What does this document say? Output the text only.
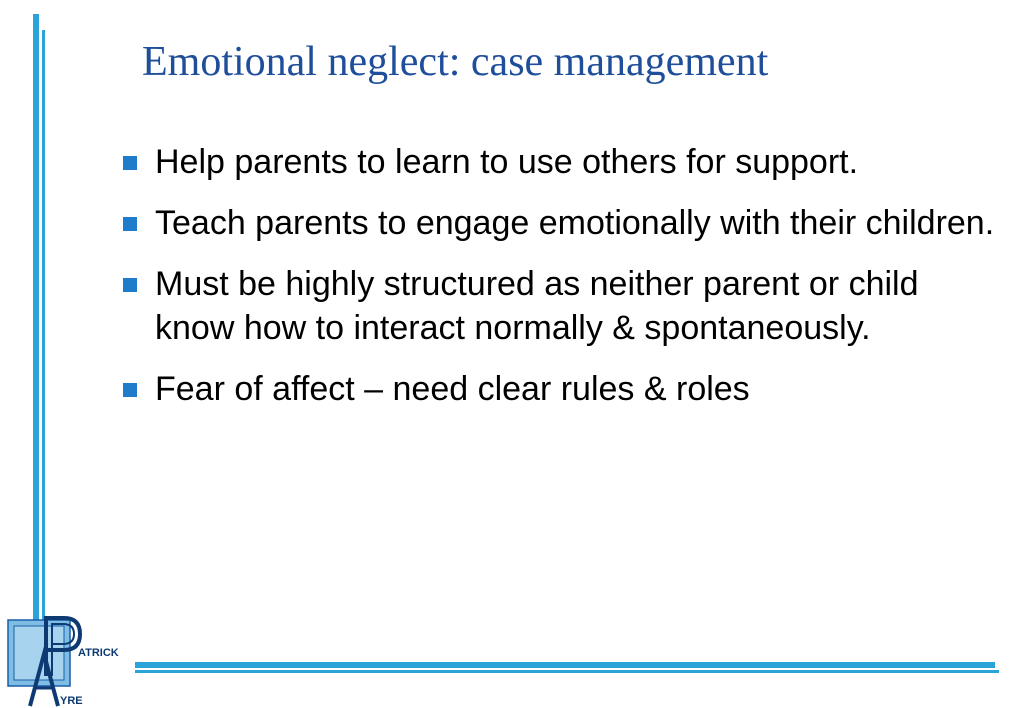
Emotional neglect: case management
Help parents to learn to use others for support.
Teach parents to engage emotionally with their children.
Must be highly structured as neither parent or child know how to interact normally & spontaneously.
Fear of affect – need clear rules & roles
ATRICK
YRE
